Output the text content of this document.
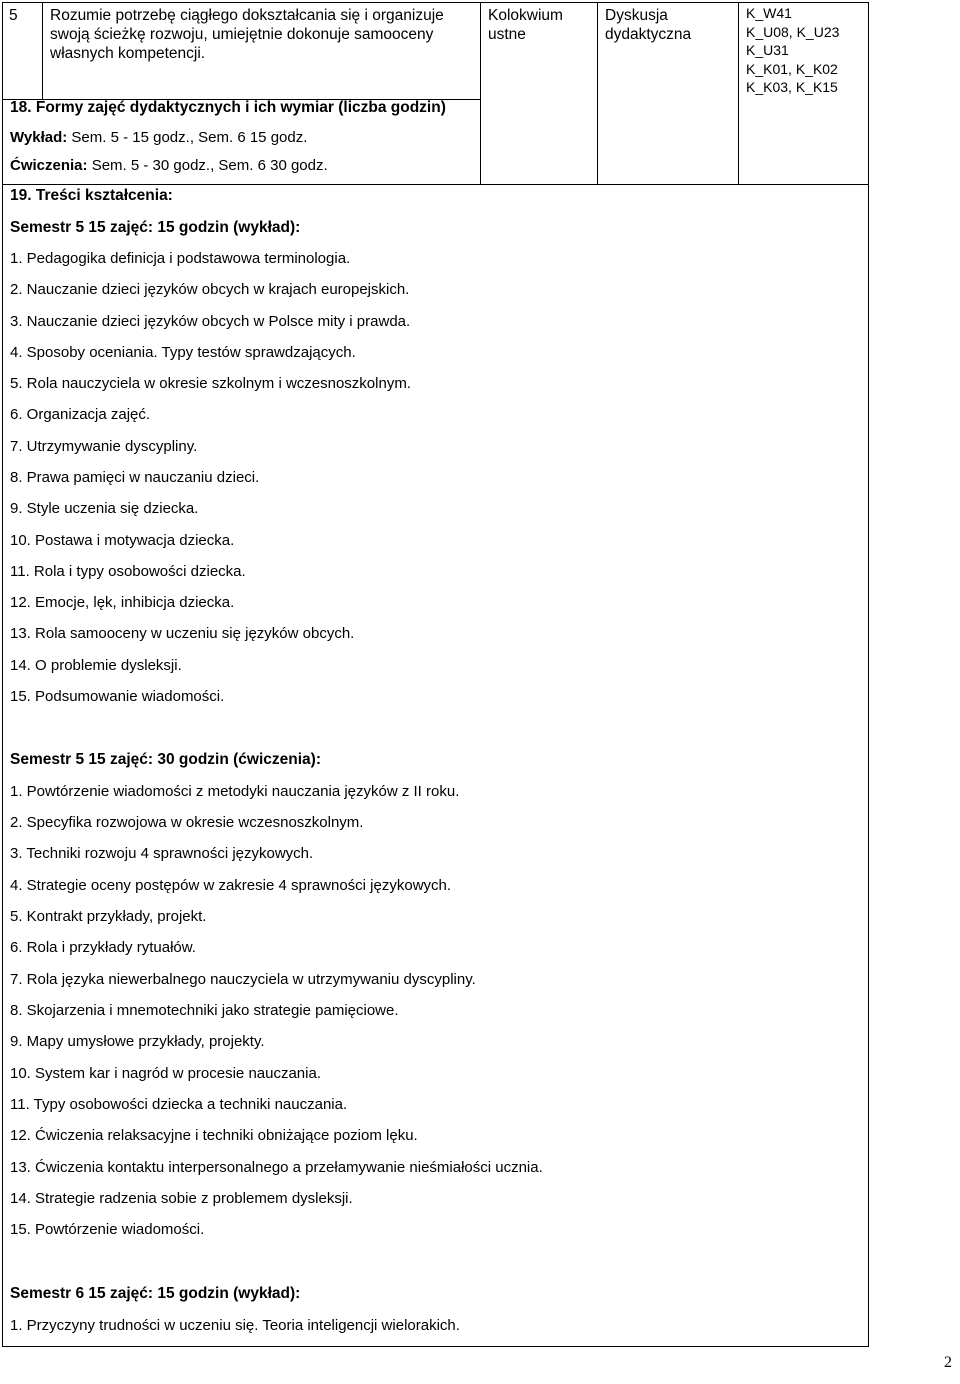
5 Rozumie potrzebę ciągłego dokształcania się i organizuje swoją ścieżkę rozwoju, umiejętnie dokonuje samooceny własnych kompetencji.
Kolokwium ustne
Dyskusja dydaktyczna
K_W41
K_U08, K_U23
K_U31
K_K01, K_K02
K_K03, K_K15
18. Formy zajęć dydaktycznych i ich wymiar (liczba godzin)
Wykład: Sem. 5 - 15 godz., Sem. 6 15 godz.
Ćwiczenia: Sem. 5 - 30 godz., Sem. 6 30 godz.
19. Treści kształcenia:
Semestr 5 15 zajęć: 15 godzin (wykład):
1. Pedagogika definicja i podstawowa terminologia.
2. Nauczanie dzieci języków obcych w krajach europejskich.
3. Nauczanie dzieci języków obcych w Polsce mity i prawda.
4. Sposoby oceniania. Typy testów sprawdzających.
5. Rola nauczyciela w okresie szkolnym i wczesnoszkolnym.
6. Organizacja zajęć.
7. Utrzymywanie dyscypliny.
8. Prawa pamięci w nauczaniu dzieci.
9. Style uczenia się dziecka.
10. Postawa i motywacja dziecka.
11. Rola i typy osobowości dziecka.
12. Emocje, lęk, inhibicja dziecka.
13. Rola samooceny w uczeniu się języków obcych.
14. O problemie dysleksji.
15. Podsumowanie wiadomości.
Semestr 5 15 zajęć: 30 godzin (ćwiczenia):
1. Powtórzenie wiadomości z metodyki nauczania języków z II roku.
2. Specyfika rozwojowa w okresie wczesnoszkolnym.
3. Techniki rozwoju 4 sprawności językowych.
4. Strategie oceny postępów w zakresie 4 sprawności językowych.
5. Kontrakt przykłady, projekt.
6. Rola i przykłady rytuałów.
7. Rola języka niewerbalnego nauczyciela w utrzymywaniu dyscypliny.
8. Skojarzenia i mnemotechniki jako strategie pamięciowe.
9. Mapy umysłowe przykłady, projekty.
10. System kar i nagród w procesie nauczania.
11. Typy osobowości dziecka a techniki nauczania.
12. Ćwiczenia relaksacyjne i techniki obniżające poziom lęku.
13. Ćwiczenia kontaktu interpersonalnego a przełamywanie nieśmiałości ucznia.
14. Strategie radzenia sobie z problemem dysleksji.
15. Powtórzenie wiadomości.
Semestr 6 15 zajęć: 15 godzin (wykład):
1. Przyczyny trudności w uczeniu się. Teoria inteligencji wielorakich.
2
